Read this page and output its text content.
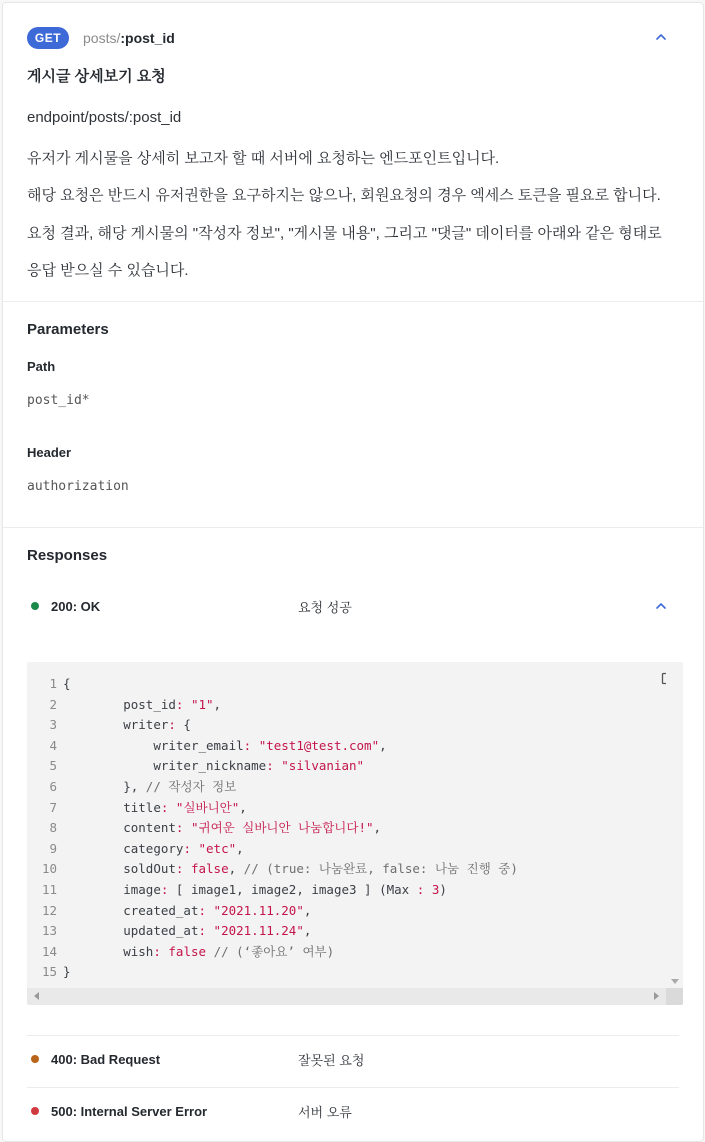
GET	posts/:post_id
게시글 상세보기 요청
endpoint/posts/:post_id
유저가 게시물을 상세히 보고자 할 때 서버에 요청하는 엔드포인트입니다.
해당 요청은 반드시 유저권한을 요구하지는 않으나, 회원요청의 경우 엑세스 토큰을 필요로 합니다.
요청 결과, 해당 게시물의 "작성자 정보", "게시물 내용", 그리고 "댓글" 데이터를 아래와 같은 형태로
응답 받으실 수 있습니다.
Parameters
Path
post_id*
Header
authorization
Responses
200: OK	요청 성공
1 {
2	post_id: "1",
3	writer: {
4	writer_email: "test1@test.com",
5	writer_nickname: "silvanian"
6 }, // 작성자 정보
7	title: "실바니안",
8	content: "귀여운 실바니안 나눔합니다!",
9	category: "etc",
10	soldOut: false, // (true: 나눔완료, false: 나눔 진행 중)
11	image: [ image1, image2, image3 ] (Max : 3)
12	created_at: "2021.11.20",
13	updated_at: "2021.11.24",
14	wish: false // (‘좋아요’ 여부)
15 }
400: Bad Request	잘못된 요청
500: Internal Server Error	서버 오류
